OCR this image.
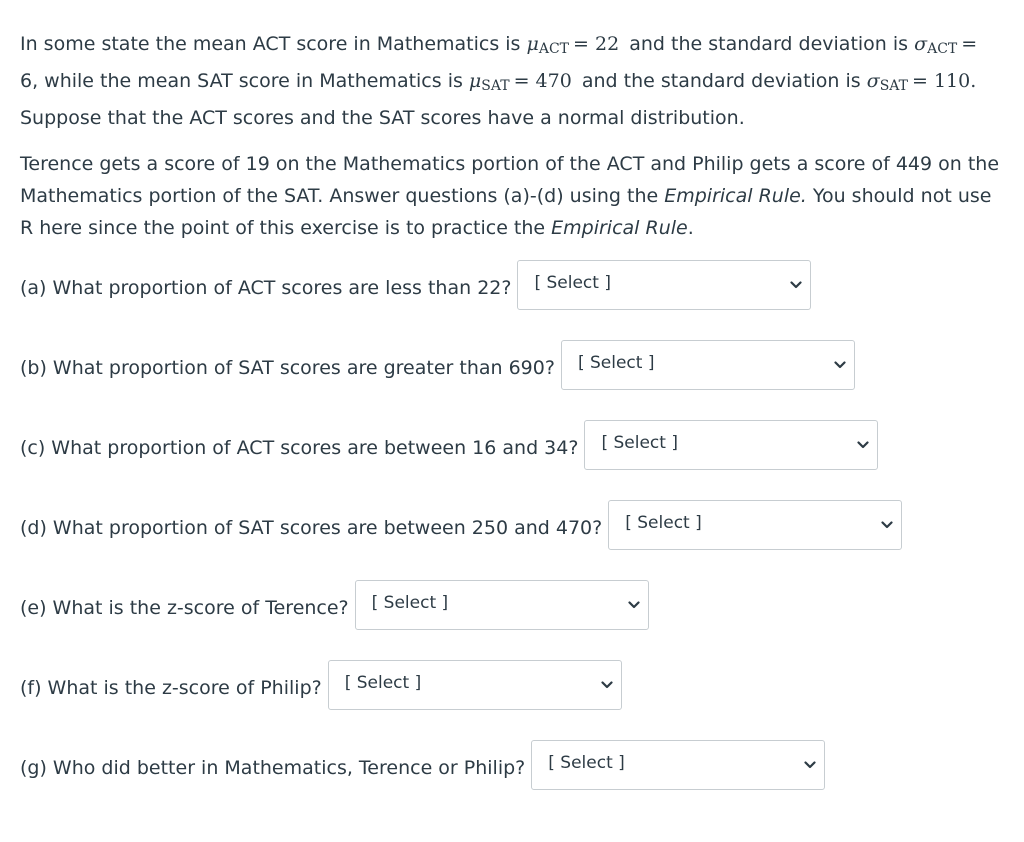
In some state the mean ACT score in Mathematics is $\mu_{ACT} = 22$ and the standard deviation is $\sigma_{ACT}$ =
6, while the mean SAT score in Mathematics is $\mu_{SAT} = 470$ and the standard deviation is $\sigma_{SAT} = 110$.
Suppose that the ACT scores and the SAT scores have a normal distribution.

Terence gets a score of 19 on the Mathematics portion of the ACT and Philip gets a score of 449 on the Mathematics portion of the SAT. Answer questions (a)-(d) using the Empirical Rule. You should not use R here since the point of this exercise is to practice the Empirical Rule.

(a) What proportion of ACT scores are less than 22? [ Select ]
(b) What proportion of SAT scores are greater than 690? [ Select ]
(c) What proportion of ACT scores are between 16 and 34? [ Select ]
(d) What proportion of SAT scores are between 250 and 470? [ Select ]
(e) What is the z-score of Terence? [ Select ]
(f) What is the z-score of Philip? [ Select ]
(g) Who did better in Mathematics, Terence or Philip? [ Select ]
